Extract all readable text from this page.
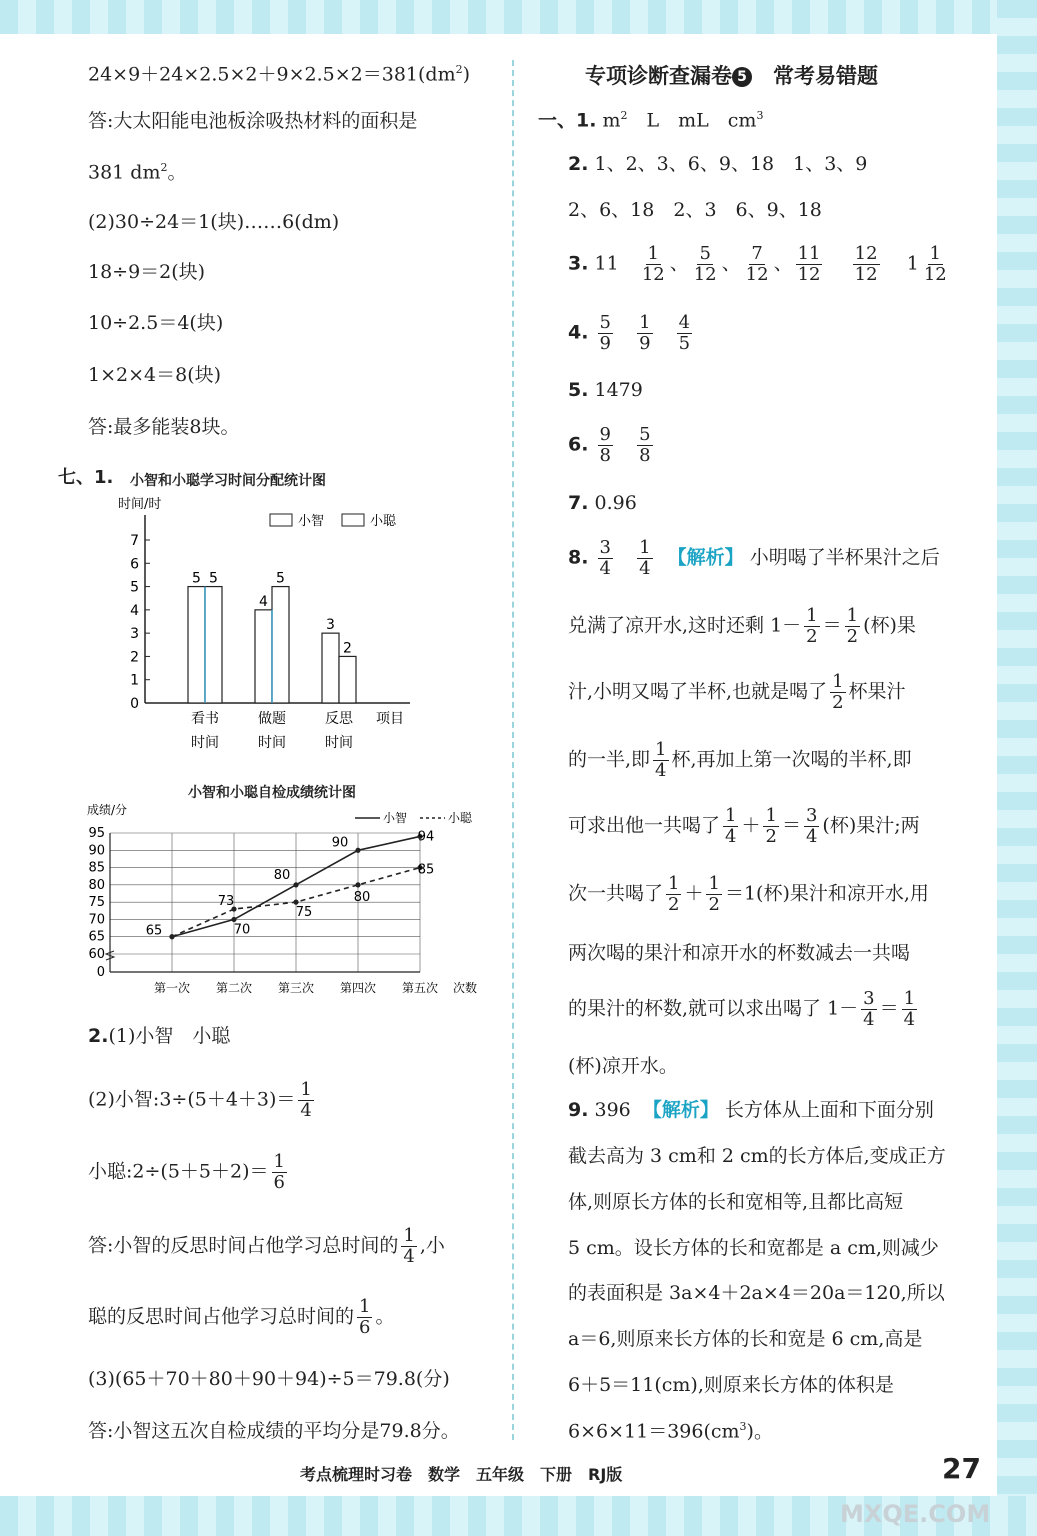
$24\times 9+24\times 2.5\times 2+9\times 2.5\times 2=381(dm^2)$
答:大太阳能电池板涂吸热材料的面积是
381 $dm^2$。
(2)30÷24＝1(块)……6(dm)
18÷9＝2(块)
10÷2.5＝4(块)
1×2×4＝8(块)
答:最多能装8块。
七、1. 小智和小聪学习时间分配统计图
时间/时
0
1
2
3
4
5
6
7
小智	小聪
5 5
看书
时间
4
5
做题
时间
3
2
反思
时间
项目
小智和小聪自检成绩统计图
成绩/分
0
60
65
70
75
80
85
90
95
第一次 第二次 第三次 第四次 第五次 次数
小智	小聪
65	70
80
90	94
73
75
80
85
2.(1)小智　小聪
(2)小智:3÷(5＋4＋3)＝ $\frac{1}{4}$
小聪:2÷(5＋5＋2)＝ $\frac{1}{6}$
答:小智的反思时间占他学习总时间的 $\frac{1}{4}$ ,小
聪的反思时间占他学习总时间的 $\frac{1}{6}$ 。
(3)(65＋70＋80＋90＋94)÷5＝79.8(分)
答:小智这五次自检成绩的平均分是79.8分。
专项诊断查漏卷 5　常考易错题
一、1. $m^2$　L　mL　$cm^3$
2. 1、2、3、6、9、18　1、3、9
2、6、18　2、3　6、9、18
3. $11 \frac{1}{12}$ 、 $\frac{5}{12}$ 、 $\frac{7}{12}$ 、 $\frac{11}{12}$
$\frac{12}{12} 1 \frac{1}{12}$
4. $\frac{5}{9}$
$\frac{1}{9}$
$\frac{4}{5}$
5. 1479
6. $\frac{9}{8}$
$\frac{5}{8}$
7. 0.96
8. $\frac{3}{4}$
$\frac{1}{4}$ 【解析】 小明喝了半杯果汁之后
兑满了凉开水,这时还剩 $1- \frac{1}{2} = \frac{1}{2}$ (杯)果
汁,小明又喝了半杯,也就是喝了 $\frac{1}{2}$ 杯果汁
的一半,即 $\frac{1}{4}$ 杯,再加上第一次喝的半杯,即
可求出他一共喝了 $\frac{1}{4} + \frac{1}{2} = \frac{3}{4}$ (杯)果汁;两
次一共喝了 $\frac{1}{2} + \frac{1}{2} =1$(杯)果汁和凉开水,用
两次喝的果汁和凉开水的杯数减去一共喝
的果汁的杯数,就可以求出喝了 $1- \frac{3}{4} = \frac{1}{4}$
(杯)凉开水。
9. 396 【解析】 长方体从上面和下面分别
截去高为 3 cm和 2 cm的长方体后,变成正方
体,则原长方体的长和宽相等,且都比高短
5 cm。设长方体的长和宽都是 a cm,则减少
的表面积是 3a×4＋2a×4＝20a＝120,所以
a＝6,则原来长方体的长和宽是 6 cm,高是
6＋5＝11(cm),则原来长方体的体积是
$6\times 6\times 11=396(cm^3)$。
考点梳理时习卷　数学　五年级　下册　RJ版	27
MXQE.COM
